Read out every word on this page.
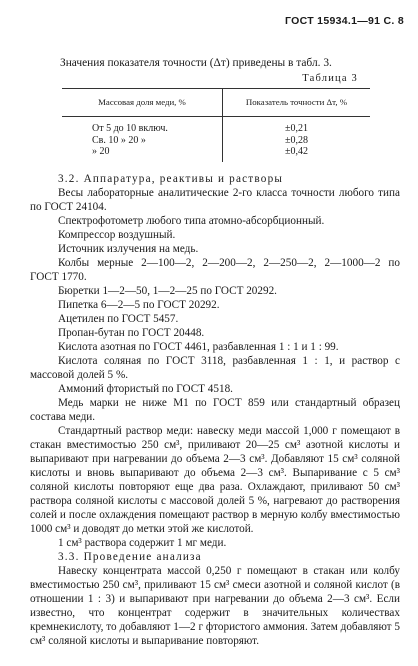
ГОСТ 15934.1—91 С. 8
Значения показателя точности (Δт) приведены в табл. 3.
Таблица 3
Массовая доля меди, %	Показатель точности Δт, %
От 5 до 10 включ.	±0,21
Св. 10 » 20 »	±0,28
» 20	±0,42

3.2. Аппаратура, реактивы и растворы

Весы лабораторные аналитические 2-го класса точности любого типа по ГОСТ 24104.

Спектрофотометр любого типа атомно-абсорбционный.

Компрессор воздушный.

Источник излучения на медь.

Колбы мерные 2—100—2, 2—200—2, 2—250—2, 2—1000—2 по ГОСТ 1770.

Бюретки 1—2—50, 1—2—25 по ГОСТ 20292.

Пипетка 6—2—5 по ГОСТ 20292.

Ацетилен по ГОСТ 5457.

Пропан-бутан по ГОСТ 20448.

Кислота азотная по ГОСТ 4461, разбавленная 1 : 1 и 1 : 99.

Кислота соляная по ГОСТ 3118, разбавленная 1 : 1, и раствор с массовой долей 5 %.

Аммоний фтористый по ГОСТ 4518.

Медь марки не ниже М1 по ГОСТ 859 или стандартный образец состава меди.

Стандартный раствор меди: навеску меди массой 1,000 г помещают в стакан вместимостью 250 см³, приливают 20—25 см³ азотной кислоты и выпаривают при нагревании до объема 2—3 см³. Добавляют 15 см³ соляной кислоты и вновь выпаривают до объема 2—3 см³. Выпаривание с 5 см³ соляной кислоты повторяют еще два раза. Охлаждают, приливают 50 см³ раствора соляной кислоты с массовой долей 5 %, нагревают до растворения солей и после охлаждения помещают раствор в мерную колбу вместимостью 1000 см³ и доводят до метки этой же кислотой.

1 см³ раствора содержит 1 мг меди.

3.3. Проведение анализа

Навеску концентрата массой 0,250 г помещают в стакан или колбу вместимостью 250 см³, приливают 15 см³ смеси азотной и соляной кислот (в отношении 1 : 3) и выпаривают при нагревании до объема 2—3 см³. Если известно, что концентрат содержит в значительных количествах кремнекислоту, то добавляют 1—2 г фтористого аммония. Затем добавляют 5 см³ соляной кислоты и выпаривание повторяют.
